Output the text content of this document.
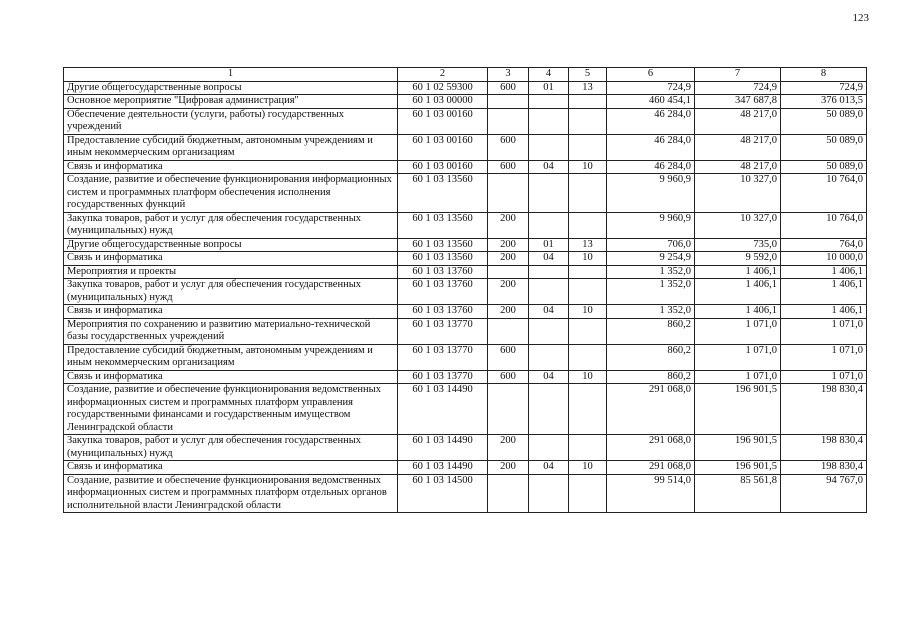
123
1	2	3	4	5	6	7	8
Другие общегосударственные вопросы	60 1 02 59300	600	01	13	724,9	724,9	724,9
Основное мероприятие "Цифровая администрация"	60 1 03 00000				460 454,1	347 687,8	376 013,5
Обеспечение деятельности (услуги, работы) государственных учреждений	60 1 03 00160				46 284,0	48 217,0	50 089,0
Предоставление субсидий бюджетным, автономным учреждениям и иным некоммерческим организациям	60 1 03 00160	600			46 284,0	48 217,0	50 089,0
Связь и информатика	60 1 03 00160	600	04	10	46 284,0	48 217,0	50 089,0
Создание, развитие и обеспечение функционирования информационных систем и программных платформ обеспечения исполнения государственных функций	60 1 03 13560				9 960,9	10 327,0	10 764,0
Закупка товаров, работ и услуг для обеспечения государственных (муниципальных) нужд	60 1 03 13560	200			9 960,9	10 327,0	10 764,0
Другие общегосударственные вопросы	60 1 03 13560	200	01	13	706,0	735,0	764,0
Связь и информатика	60 1 03 13560	200	04	10	9 254,9	9 592,0	10 000,0
Мероприятия и проекты	60 1 03 13760				1 352,0	1 406,1	1 406,1
Закупка товаров, работ и услуг для обеспечения государственных (муниципальных) нужд	60 1 03 13760	200			1 352,0	1 406,1	1 406,1
Связь и информатика	60 1 03 13760	200	04	10	1 352,0	1 406,1	1 406,1
Мероприятия по сохранению и развитию материально-технической базы государственных учреждений	60 1 03 13770				860,2	1 071,0	1 071,0
Предоставление субсидий бюджетным, автономным учреждениям и иным некоммерческим организациям	60 1 03 13770	600			860,2	1 071,0	1 071,0
Связь и информатика	60 1 03 13770	600	04	10	860,2	1 071,0	1 071,0
Создание, развитие и обеспечение функционирования ведомственных информационных систем и программных платформ управления государственными финансами и государственным имуществом Ленинградской области	60 1 03 14490				291 068,0	196 901,5	198 830,4
Закупка товаров, работ и услуг для обеспечения государственных (муниципальных) нужд	60 1 03 14490	200			291 068,0	196 901,5	198 830,4
Связь и информатика	60 1 03 14490	200	04	10	291 068,0	196 901,5	198 830,4
Создание, развитие и обеспечение функционирования ведомственных информационных систем и программных платформ отдельных органов исполнительной власти Ленинградской области	60 1 03 14500				99 514,0	85 561,8	94 767,0
